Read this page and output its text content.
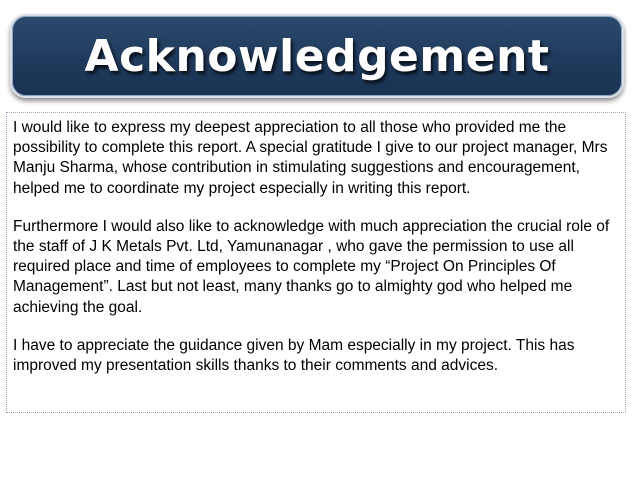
Acknowledgement

I would like to express my deepest appreciation to all those who provided me the possibility to complete this report. A special gratitude I give to our project manager, Mrs Manju Sharma, whose contribution in stimulating suggestions and encouragement, helped me to coordinate my project especially in writing this report.

Furthermore I would also like to acknowledge with much appreciation the crucial role of the staff of J K Metals Pvt. Ltd, Yamunanagar , who gave the permission to use all required place and time of employees to complete my “Project On Principles Of Management”. Last but not least, many thanks go to almighty god who helped me achieving the goal.

I have to appreciate the guidance given by Mam especially in my project. This has improved my presentation skills thanks to their comments and advices.
